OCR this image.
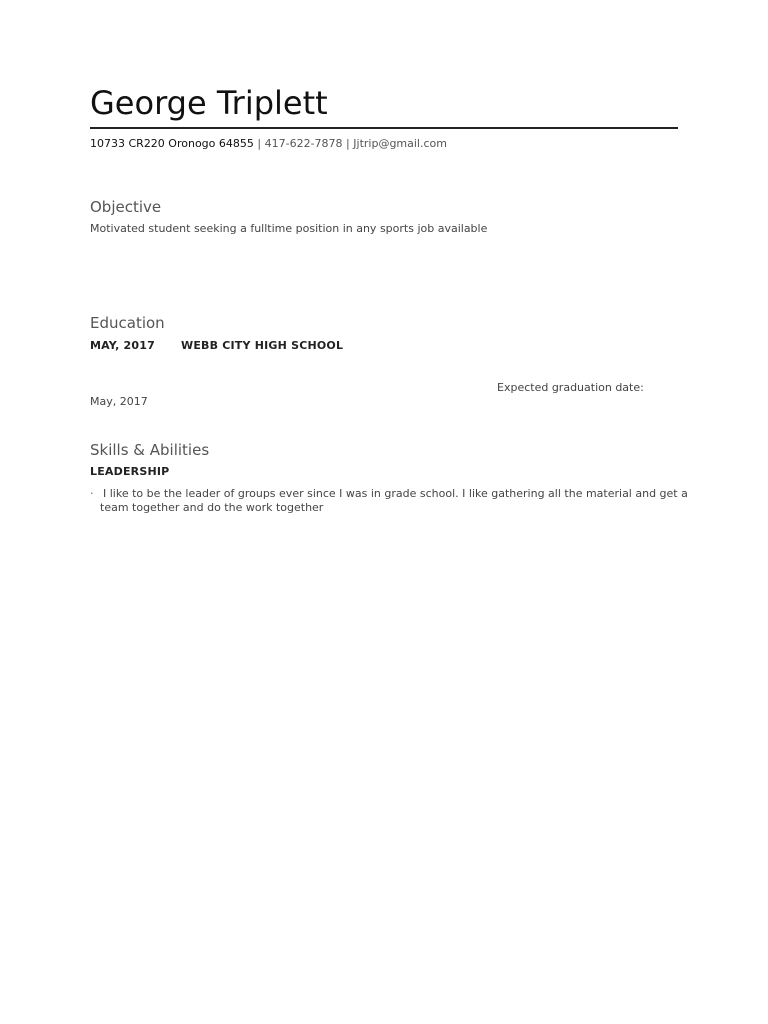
George Triplett
10733 CR220 Oronogo 64855 | 417-622-7878 | Jjtrip@gmail.com
Objective
Motivated student seeking a fulltime position in any sports job available
Education
MAY, 2017 WEBB CITY HIGH SCHOOL
Expected graduation date:
May, 2017
Skills & Abilities
LEADERSHIP
· I like to be the leader of groups ever since I was in grade school. I like gathering all the material and get a team together and do the work together
